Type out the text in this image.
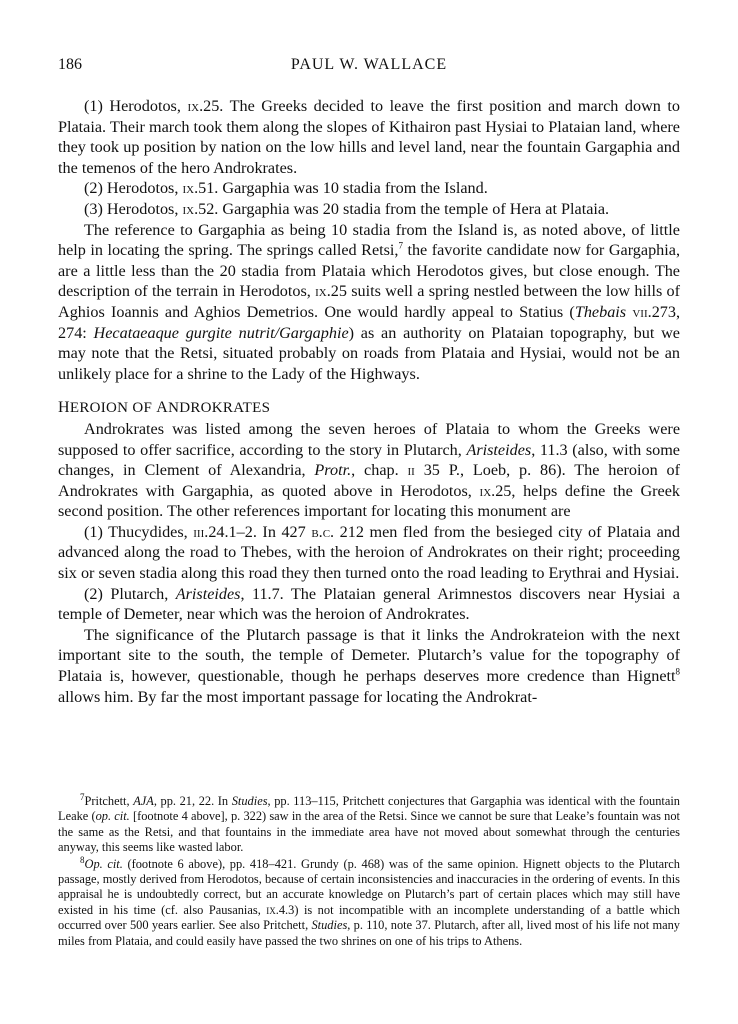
186	PAUL W. WALLACE
(1) Herodotos, ix.25. The Greeks decided to leave the first position and march down to Plataia. Their march took them along the slopes of Kithairon past Hysiai to Plataian land, where they took up position by nation on the low hills and level land, near the fountain Gargaphia and the temenos of the hero Androkrates.
(2) Herodotos, ix.51. Gargaphia was 10 stadia from the Island.
(3) Herodotos, ix.52. Gargaphia was 20 stadia from the temple of Hera at Plataia.
The reference to Gargaphia as being 10 stadia from the Island is, as noted above, of little help in locating the spring. The springs called Retsi,$^7$ the favorite candidate now for Gargaphia, are a little less than the 20 stadia from Plataia which Herodotos gives, but close enough. The description of the terrain in Herodotos, ix.25 suits well a spring nestled between the low hills of Aghios Ioannis and Aghios Demetrios. One would hardly appeal to Statius (Thebais vii.273, 274: Hecataeaque gurgite nutrit/Gargaphie) as an authority on Plataian topography, but we may note that the Retsi, situated probably on roads from Plataia and Hysiai, would not be an unlikely place for a shrine to the Lady of the Highways.
HEROION OF ANDROKRATES
Androkrates was listed among the seven heroes of Plataia to whom the Greeks were supposed to offer sacrifice, according to the story in Plutarch, Aristeides, 11.3 (also, with some changes, in Clement of Alexandria, Protr., chap. ii 35 P., Loeb, p. 86). The heroion of Androkrates with Gargaphia, as quoted above in Herodotos, ix.25, helps define the Greek second position. The other references important for locating this monument are
(1) Thucydides, iii.24.1–2. In 427 b.c. 212 men fled from the besieged city of Plataia and advanced along the road to Thebes, with the heroion of Androkrates on their right; proceeding six or seven stadia along this road they then turned onto the road leading to Erythrai and Hysiai.
(2) Plutarch, Aristeides, 11.7. The Plataian general Arimnestos discovers near Hysiai a temple of Demeter, near which was the heroion of Androkrates.
The significance of the Plutarch passage is that it links the Androkrateion with the next important site to the south, the temple of Demeter. Plutarch’s value for the topography of Plataia is, however, questionable, though he perhaps deserves more credence than Hignett$^8$ allows him. By far the most important passage for locating the Androkrat-
$^7$Pritchett, AJA, pp. 21, 22. In Studies, pp. 113–115, Pritchett conjectures that Gargaphia was identical with the fountain Leake (op. cit. [footnote 4 above], p. 322) saw in the area of the Retsi. Since we cannot be sure that Leake’s fountain was not the same as the Retsi, and that fountains in the immediate area have not moved about somewhat through the centuries anyway, this seems like wasted labor.
$^8$Op. cit. (footnote 6 above), pp. 418–421. Grundy (p. 468) was of the same opinion. Hignett objects to the Plutarch passage, mostly derived from Herodotos, because of certain inconsistencies and inaccuracies in the ordering of events. In this appraisal he is undoubtedly correct, but an accurate knowledge on Plutarch’s part of certain places which may still have existed in his time (cf. also Pausanias, ix.4.3) is not incompatible with an incomplete understanding of a battle which occurred over 500 years earlier. See also Pritchett, Studies, p. 110, note 37. Plutarch, after all, lived most of his life not many miles from Plataia, and could easily have passed the two shrines on one of his trips to Athens.
